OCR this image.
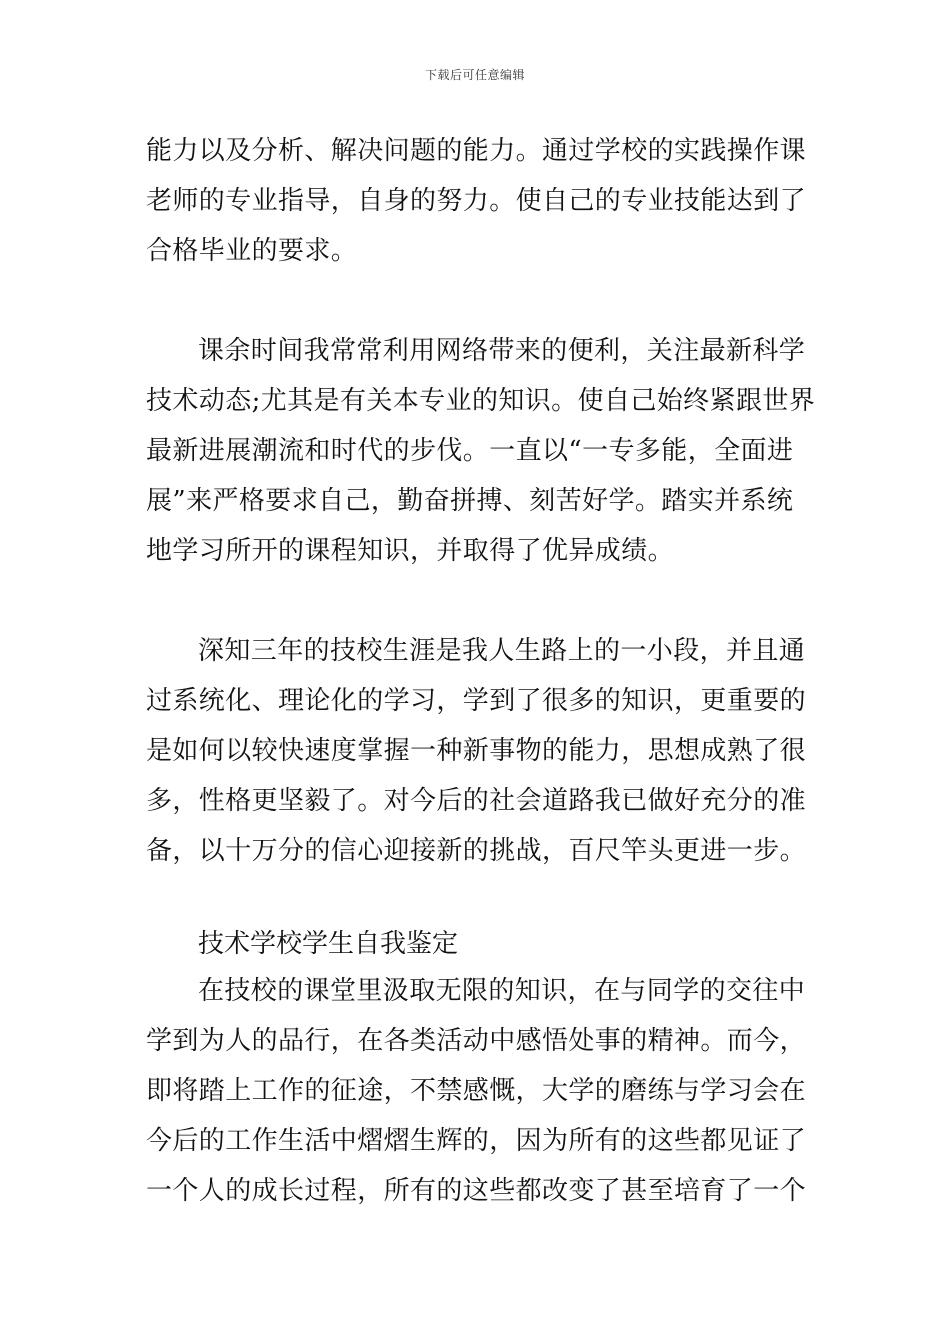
下载后可任意编辑
能力以及分析、解决问题的能力。通过学校的实践操作课
老师的专业指导，自身的努力。使自己的专业技能达到了
合格毕业的要求。
课余时间我常常利用网络带来的便利，关注最新科学
技术动态;尤其是有关本专业的知识。使自己始终紧跟世界
最新进展潮流和时代的步伐。一直以“一专多能，全面进
展”来严格要求自己，勤奋拼搏、刻苦好学。踏实并系统
地学习所开的课程知识，并取得了优异成绩。
深知三年的技校生涯是我人生路上的一小段，并且通
过系统化、理论化的学习，学到了很多的知识，更重要的
是如何以较快速度掌握一种新事物的能力，思想成熟了很
多，性格更坚毅了。对今后的社会道路我已做好充分的准
备，以十万分的信心迎接新的挑战，百尺竿头更进一步。
技术学校学生自我鉴定
在技校的课堂里汲取无限的知识，在与同学的交往中
学到为人的品行，在各类活动中感悟处事的精神。而今，
即将踏上工作的征途，不禁感慨，大学的磨练与学习会在
今后的工作生活中熠熠生辉的，因为所有的这些都见证了
一个人的成长过程，所有的这些都改变了甚至培育了一个
